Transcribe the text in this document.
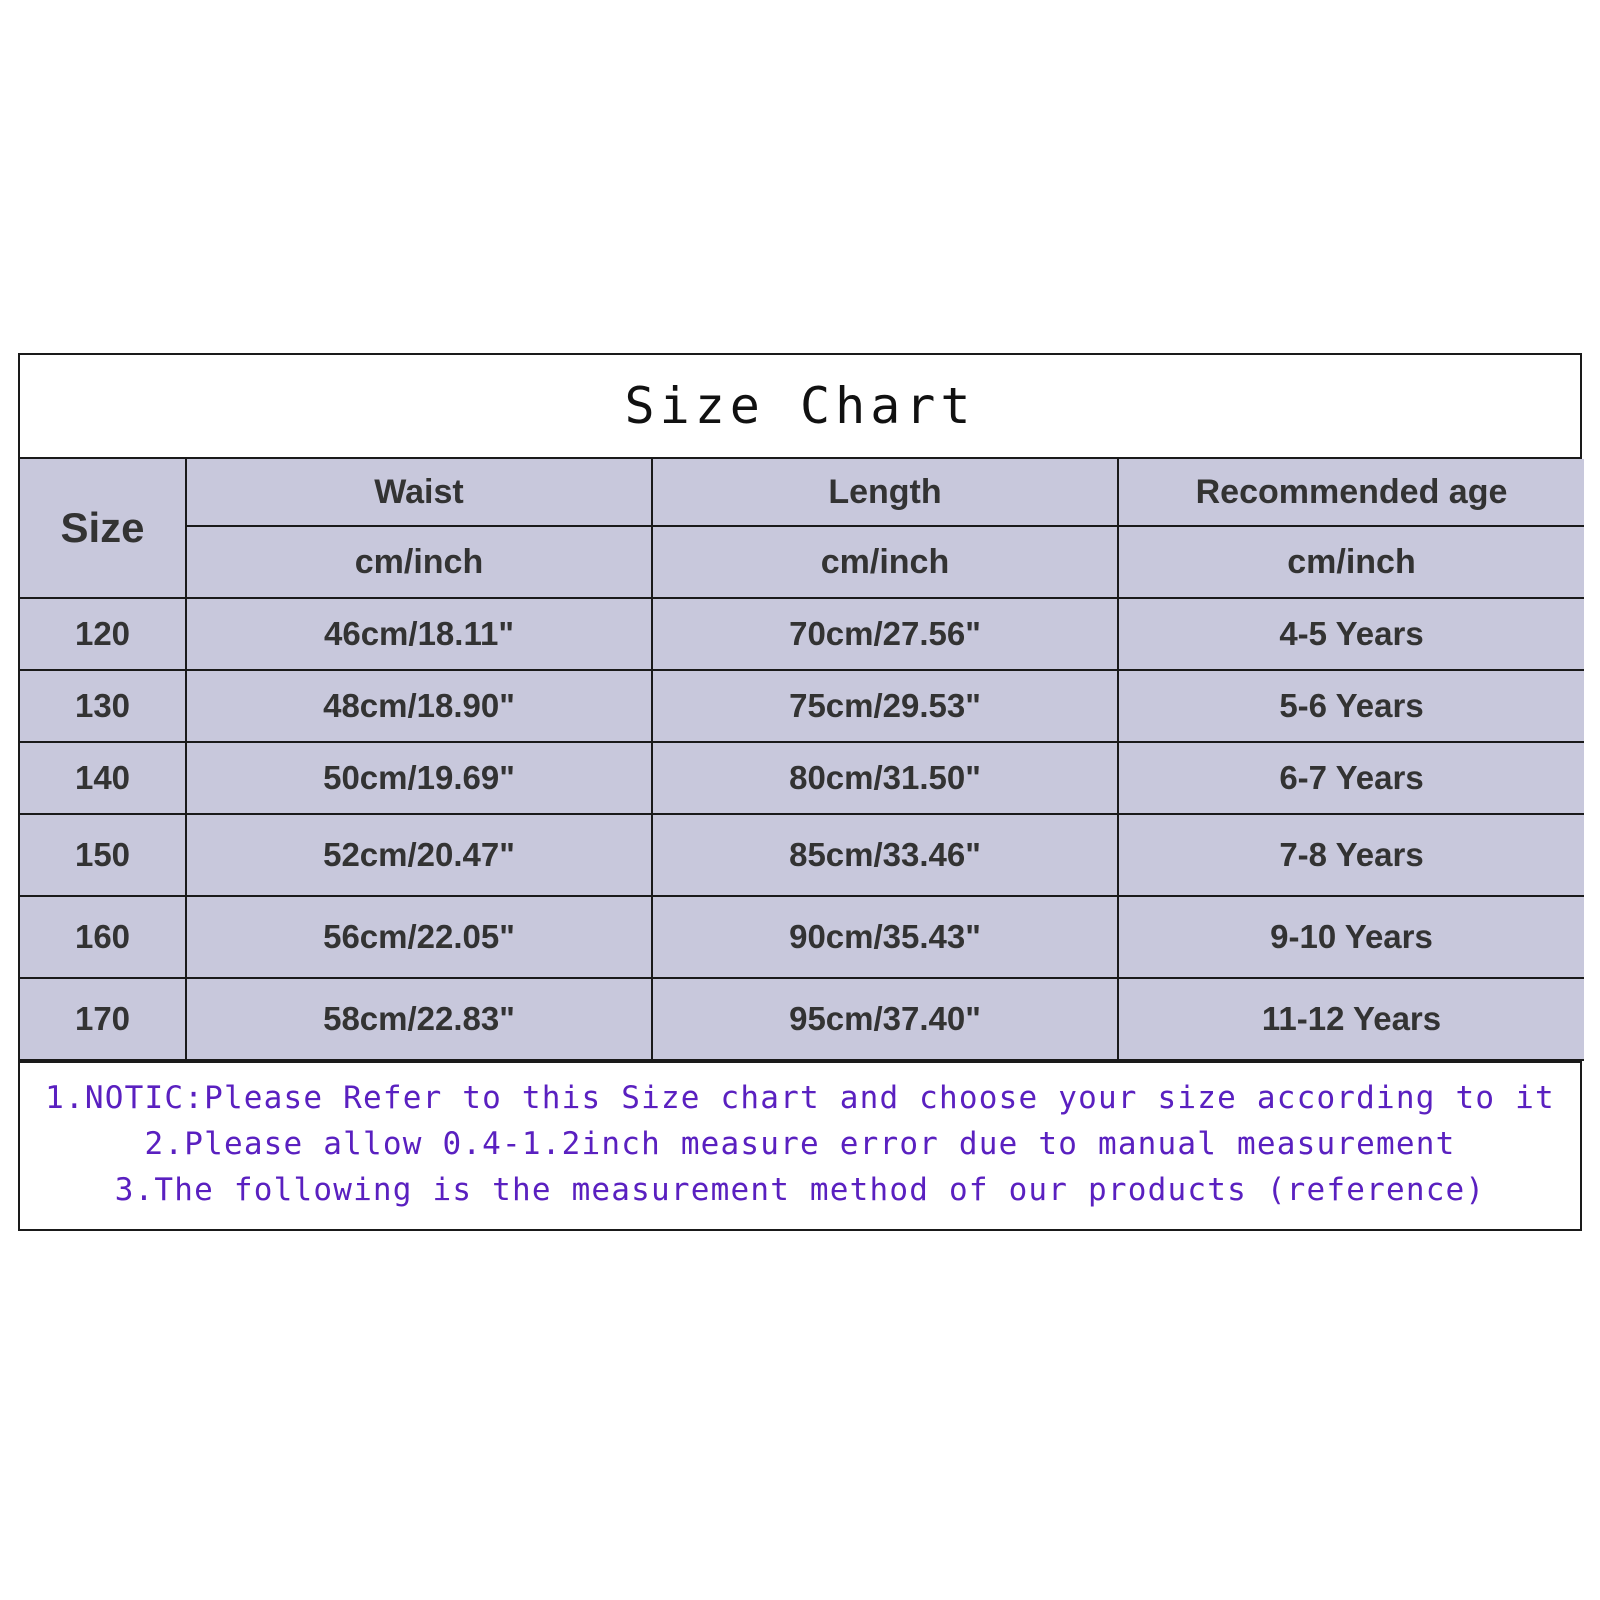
Size Chart
Size	Waist	Length	Recommended age
	cm/inch	cm/inch	cm/inch
120	46cm/18.11"	70cm/27.56"	4-5 Years
130	48cm/18.90"	75cm/29.53"	5-6 Years
140	50cm/19.69"	80cm/31.50"	6-7 Years
150	52cm/20.47"	85cm/33.46"	7-8 Years
160	56cm/22.05"	90cm/35.43"	9-10 Years
170	58cm/22.83"	95cm/37.40"	11-12 Years
1.NOTIC:Please Refer to this Size chart and choose your size according to it
2.Please allow 0.4-1.2inch measure error due to manual measurement
3.The following is the measurement method of our products (reference)
